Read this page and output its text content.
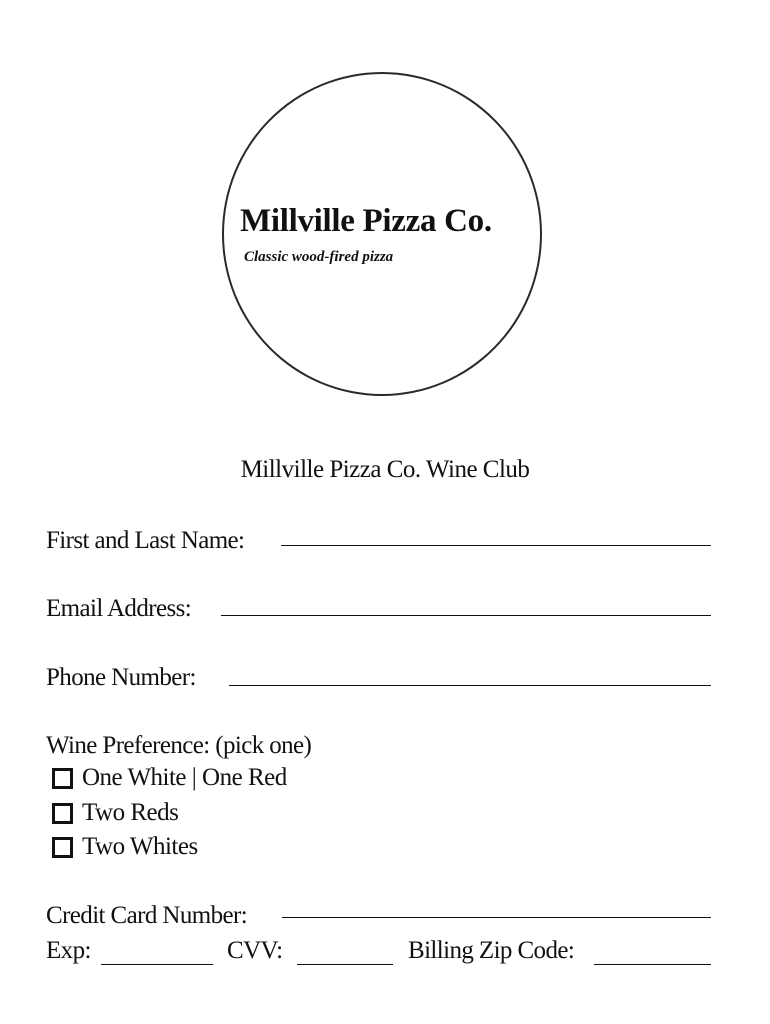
Millville Pizza Co.
Classic wood-fired pizza
Millville Pizza Co. Wine Club
First and Last Name:
Email Address:
Phone Number:
Wine Preference: (pick one)
One White | One Red
Two Reds
Two Whites
Credit Card Number:
Exp:	CVV:	Billing Zip Code:
